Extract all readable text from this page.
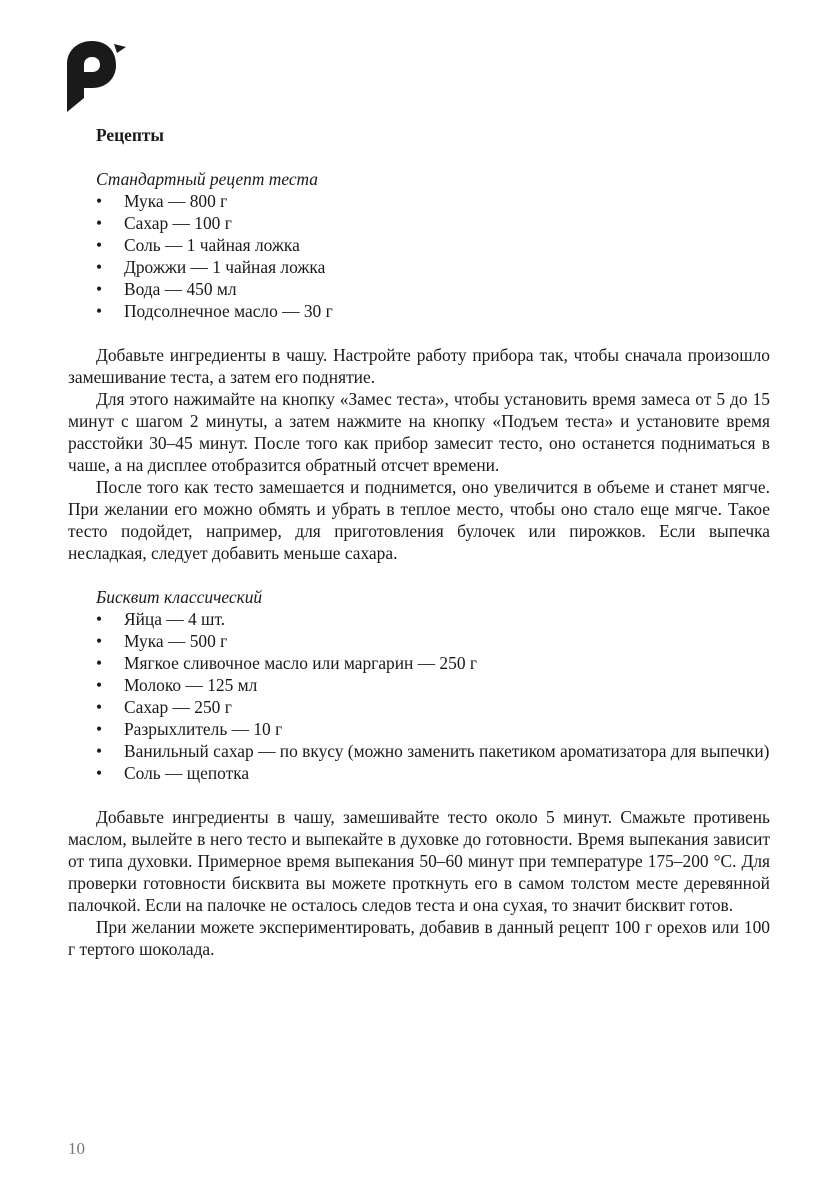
Рецепты
Стандартный рецепт теста
• Мука — 800 г
• Сахар — 100 г
• Соль — 1 чайная ложка
• Дрожжи — 1 чайная ложка
• Вода — 450 мл
• Подсолнечное масло — 30 г

Добавьте ингредиенты в чашу. Настройте работу прибора так, чтобы сначала произошло замешивание теста, а затем его поднятие.

Для этого нажимайте на кнопку «Замес теста», чтобы установить время замеса от 5 до 15 минут с шагом 2 минуты, а затем нажмите на кнопку «Подъем теста» и установите время расстойки 30–45 минут. После того как прибор замесит тесто, оно останется подниматься в чаше, а на дисплее отобразится обратный отсчет времени.

После того как тесто замешается и поднимется, оно увеличится в объеме и станет мягче. При желании его можно обмять и убрать в теплое место, чтобы оно стало еще мягче. Такое тесто подойдет, например, для приготовления булочек или пирожков. Если выпечка несладкая, следует добавить меньше сахара.

Бисквит классический
• Яйца — 4 шт.
• Мука — 500 г
• Мягкое сливочное масло или маргарин — 250 г
• Молоко — 125 мл
• Сахар — 250 г
• Разрыхлитель — 10 г
• Ванильный сахар — по вкусу (можно заменить пакетиком ароматизатора для выпечки)
• Соль — щепотка

Добавьте ингредиенты в чашу, замешивайте тесто около 5 минут. Смажьте противень маслом, вылейте в него тесто и выпекайте в духовке до готовности. Время выпекания зависит от типа духовки. Примерное время выпекания 50–60 минут при температуре 175–200 °C. Для проверки готовности бисквита вы можете проткнуть его в самом толстом месте деревянной палочкой. Если на палочке не осталось следов теста и она сухая, то значит бисквит готов.

При желании можете экспериментировать, добавив в данный рецепт 100 г орехов или 100 г тертого шоколада.

10
